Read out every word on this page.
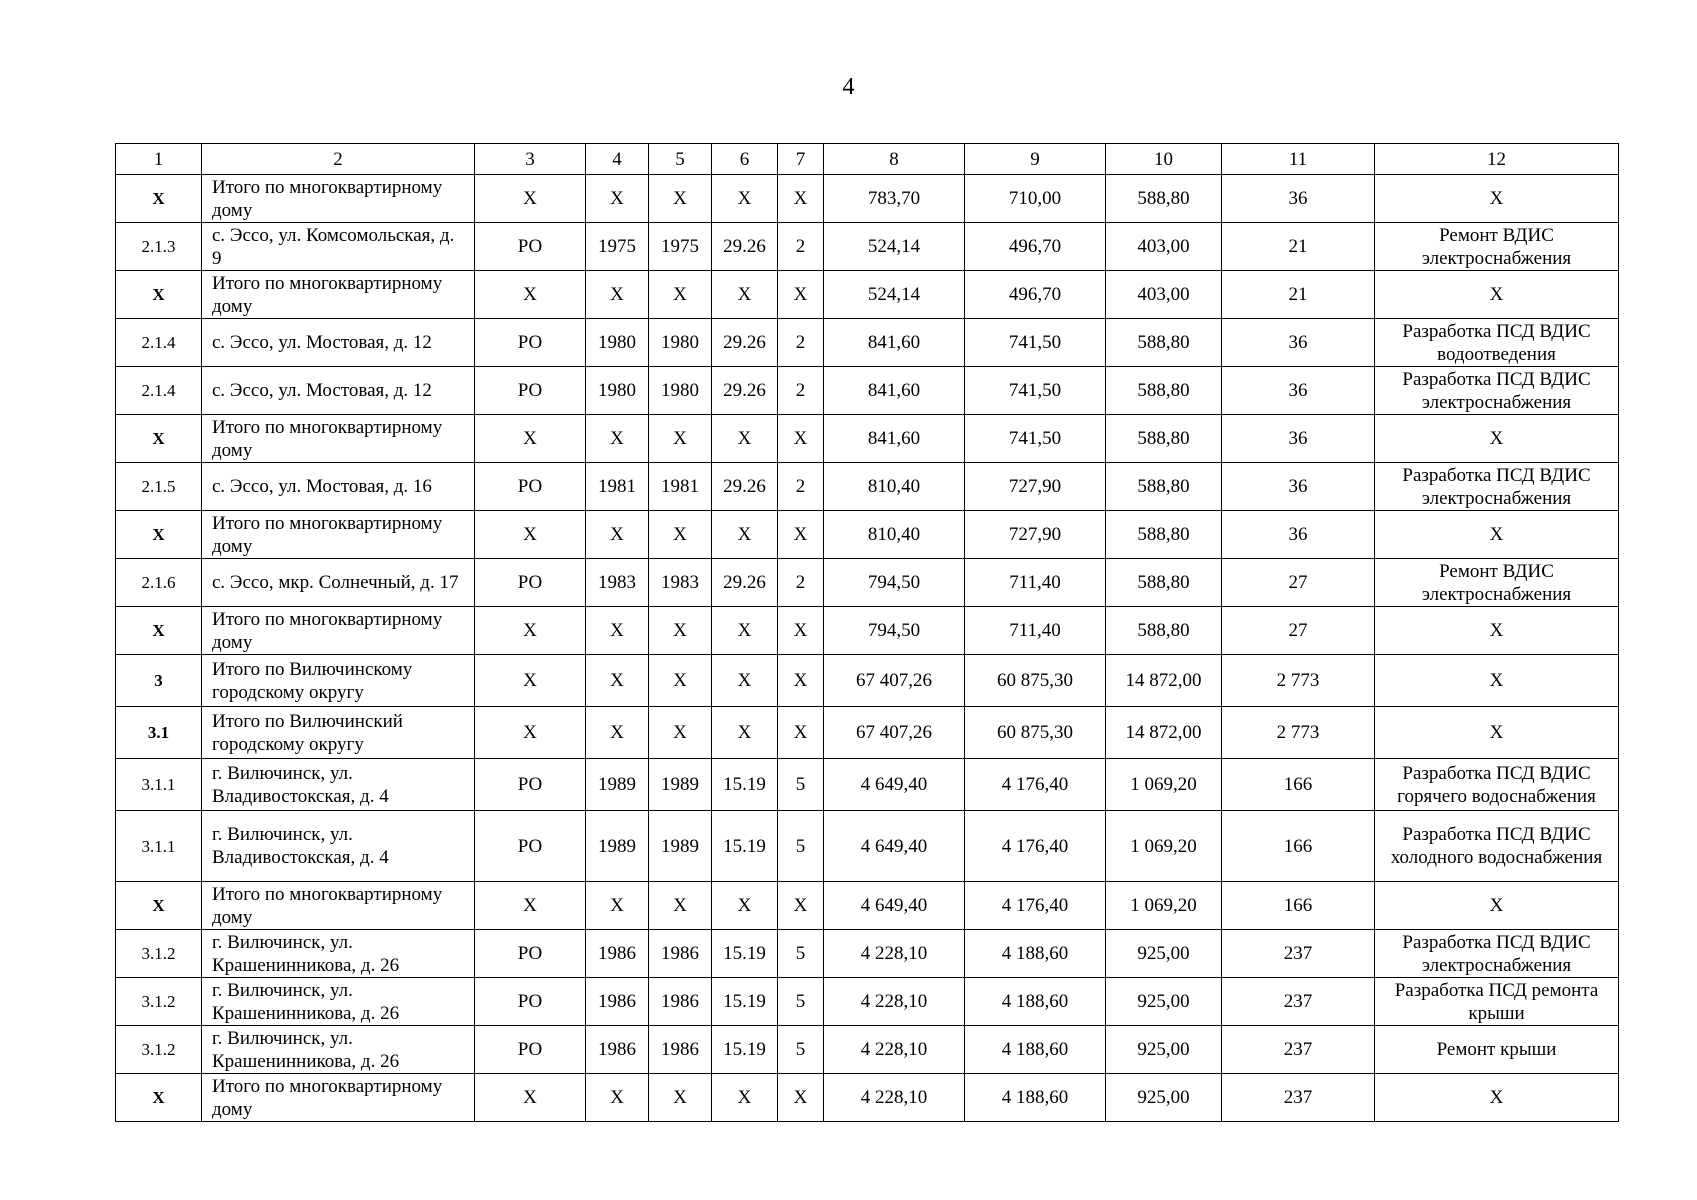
4
1	2	3	4	5	6	7	8	9	10	11	12
Х	Итого по многоквартирному дому	Х	Х	Х	Х	Х	783,70	710,00	588,80	36	Х
2.1.3	с. Эссо, ул. Комсомольская, д. 9	РО	1975	1975	29.26	2	524,14	496,70	403,00	21	Ремонт ВДИС электроснабжения
Х	Итого по многоквартирному дому	Х	Х	Х	Х	Х	524,14	496,70	403,00	21	Х
2.1.4	с. Эссо, ул. Мостовая, д. 12	РО	1980	1980	29.26	2	841,60	741,50	588,80	36	Разработка ПСД ВДИС водоотведения
2.1.4	с. Эссо, ул. Мостовая, д. 12	РО	1980	1980	29.26	2	841,60	741,50	588,80	36	Разработка ПСД ВДИС электроснабжения
Х	Итого по многоквартирному дому	Х	Х	Х	Х	Х	841,60	741,50	588,80	36	Х
2.1.5	с. Эссо, ул. Мостовая, д. 16	РО	1981	1981	29.26	2	810,40	727,90	588,80	36	Разработка ПСД ВДИС электроснабжения
Х	Итого по многоквартирному дому	Х	Х	Х	Х	Х	810,40	727,90	588,80	36	Х
2.1.6	с. Эссо, мкр. Солнечный, д. 17	РО	1983	1983	29.26	2	794,50	711,40	588,80	27	Ремонт ВДИС электроснабжения
Х	Итого по многоквартирному дому	Х	Х	Х	Х	Х	794,50	711,40	588,80	27	Х
3	Итого по Вилючинскому городскому округу	Х	Х	Х	Х	Х	67 407,26	60 875,30	14 872,00	2 773	Х
3.1	Итого по Вилючинский городскому округу	Х	Х	Х	Х	Х	67 407,26	60 875,30	14 872,00	2 773	Х
3.1.1	г. Вилючинск, ул. Владивостокская, д. 4	РО	1989	1989	15.19	5	4 649,40	4 176,40	1 069,20	166	Разработка ПСД ВДИС горячего водоснабжения
3.1.1	г. Вилючинск, ул. Владивостокская, д. 4	РО	1989	1989	15.19	5	4 649,40	4 176,40	1 069,20	166	Разработка ПСД ВДИС холодного водоснабжения
Х	Итого по многоквартирному дому	Х	Х	Х	Х	Х	4 649,40	4 176,40	1 069,20	166	Х
3.1.2	г. Вилючинск, ул. Крашенинникова, д. 26	РО	1986	1986	15.19	5	4 228,10	4 188,60	925,00	237	Разработка ПСД ВДИС электроснабжения
3.1.2	г. Вилючинск, ул. Крашенинникова, д. 26	РО	1986	1986	15.19	5	4 228,10	4 188,60	925,00	237	Разработка ПСД ремонта крыши
3.1.2	г. Вилючинск, ул. Крашенинникова, д. 26	РО	1986	1986	15.19	5	4 228,10	4 188,60	925,00	237	Ремонт крыши
Х	Итого по многоквартирному дому	Х	Х	Х	Х	Х	4 228,10	4 188,60	925,00	237	Х
